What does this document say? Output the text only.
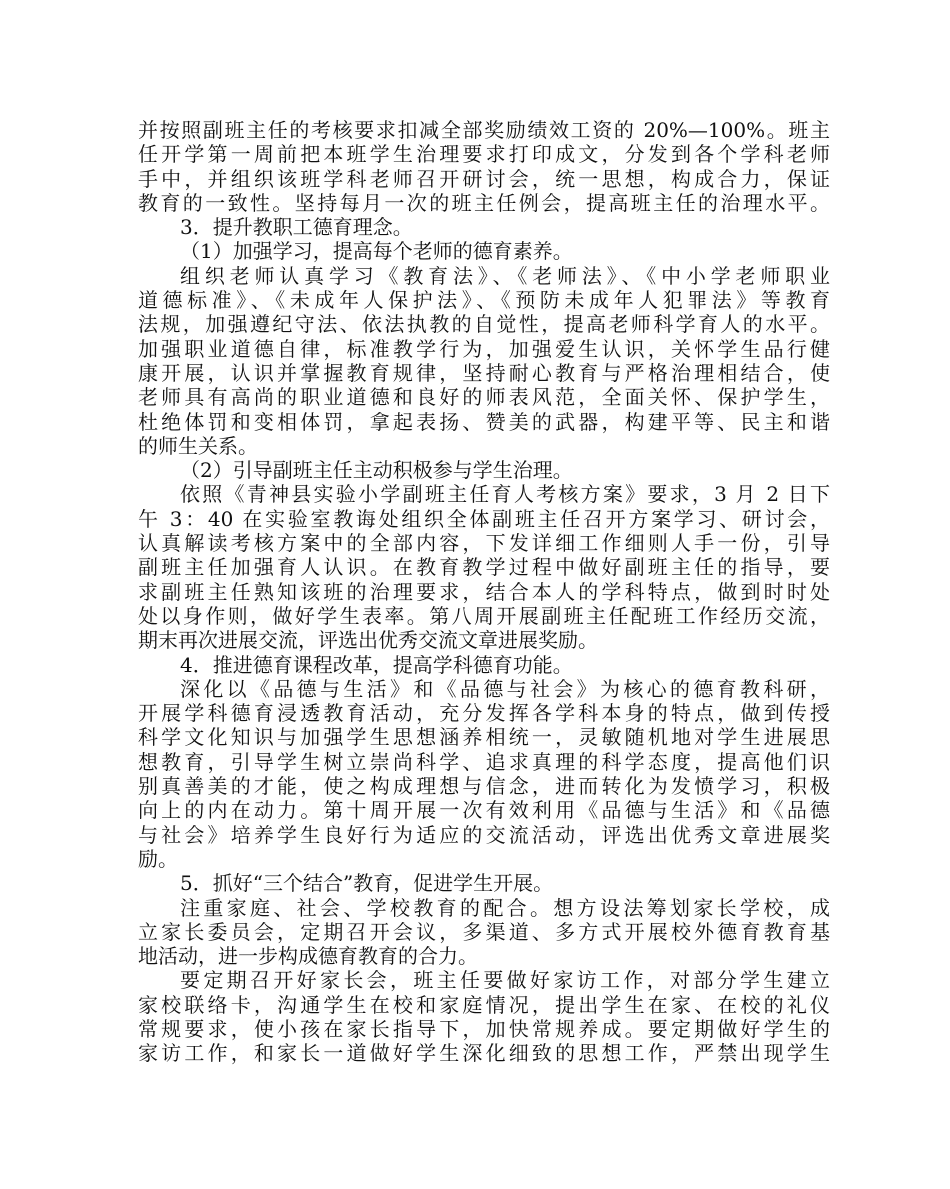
并按照副班主任的考核要求扣减全部奖励绩效工资的 20%—100%。班主
任开学第一周前把本班学生治理要求打印成文，分发到各个学科老师
手中，并组织该班学科老师召开研讨会，统一思想，构成合力，保证
教育的一致性。坚持每月一次的班主任例会，提高班主任的治理水平。
3．提升教职工德育理念。
（1）加强学习，提高每个老师的德育素养。
组织老师认真学习《教育法》、《老师法》、《中小学老师职业
道德标准》、《未成年人保护法》、《预防未成年人犯罪法》等教育
法规，加强遵纪守法、依法执教的自觉性，提高老师科学育人的水平。
加强职业道德自律，标准教学行为，加强爱生认识，关怀学生品行健
康开展，认识并掌握教育规律，坚持耐心教育与严格治理相结合，使
老师具有高尚的职业道德和良好的师表风范，全面关怀、保护学生，
杜绝体罚和变相体罚，拿起表扬、赞美的武器，构建平等、民主和谐
的师生关系。
（2）引导副班主任主动积极参与学生治理。
依照《青神县实验小学副班主任育人考核方案》要求，3 月 2 日下
午 3：40 在实验室教诲处组织全体副班主任召开方案学习、研讨会，
认真解读考核方案中的全部内容，下发详细工作细则人手一份，引导
副班主任加强育人认识。在教育教学过程中做好副班主任的指导，要
求副班主任熟知该班的治理要求，结合本人的学科特点，做到时时处
处以身作则，做好学生表率。第八周开展副班主任配班工作经历交流，
期末再次进展交流，评选出优秀交流文章进展奖励。
4．推进德育课程改革，提高学科德育功能。
深化以《品德与生活》和《品德与社会》为核心的德育教科研，
开展学科德育浸透教育活动，充分发挥各学科本身的特点，做到传授
科学文化知识与加强学生思想涵养相统一，灵敏随机地对学生进展思
想教育，引导学生树立崇尚科学、追求真理的科学态度，提高他们识
别真善美的才能，使之构成理想与信念，进而转化为发愤学习，积极
向上的内在动力。第十周开展一次有效利用《品德与生活》和《品德
与社会》培养学生良好行为适应的交流活动，评选出优秀文章进展奖
励。
5．抓好“三个结合”教育，促进学生开展。
注重家庭、社会、学校教育的配合。想方设法筹划家长学校，成
立家长委员会，定期召开会议，多渠道、多方式开展校外德育教育基
地活动，进一步构成德育教育的合力。
要定期召开好家长会，班主任要做好家访工作，对部分学生建立
家校联络卡，沟通学生在校和家庭情况，提出学生在家、在校的礼仪
常规要求，使小孩在家长指导下，加快常规养成。要定期做好学生的
家访工作，和家长一道做好学生深化细致的思想工作，严禁出现学生
